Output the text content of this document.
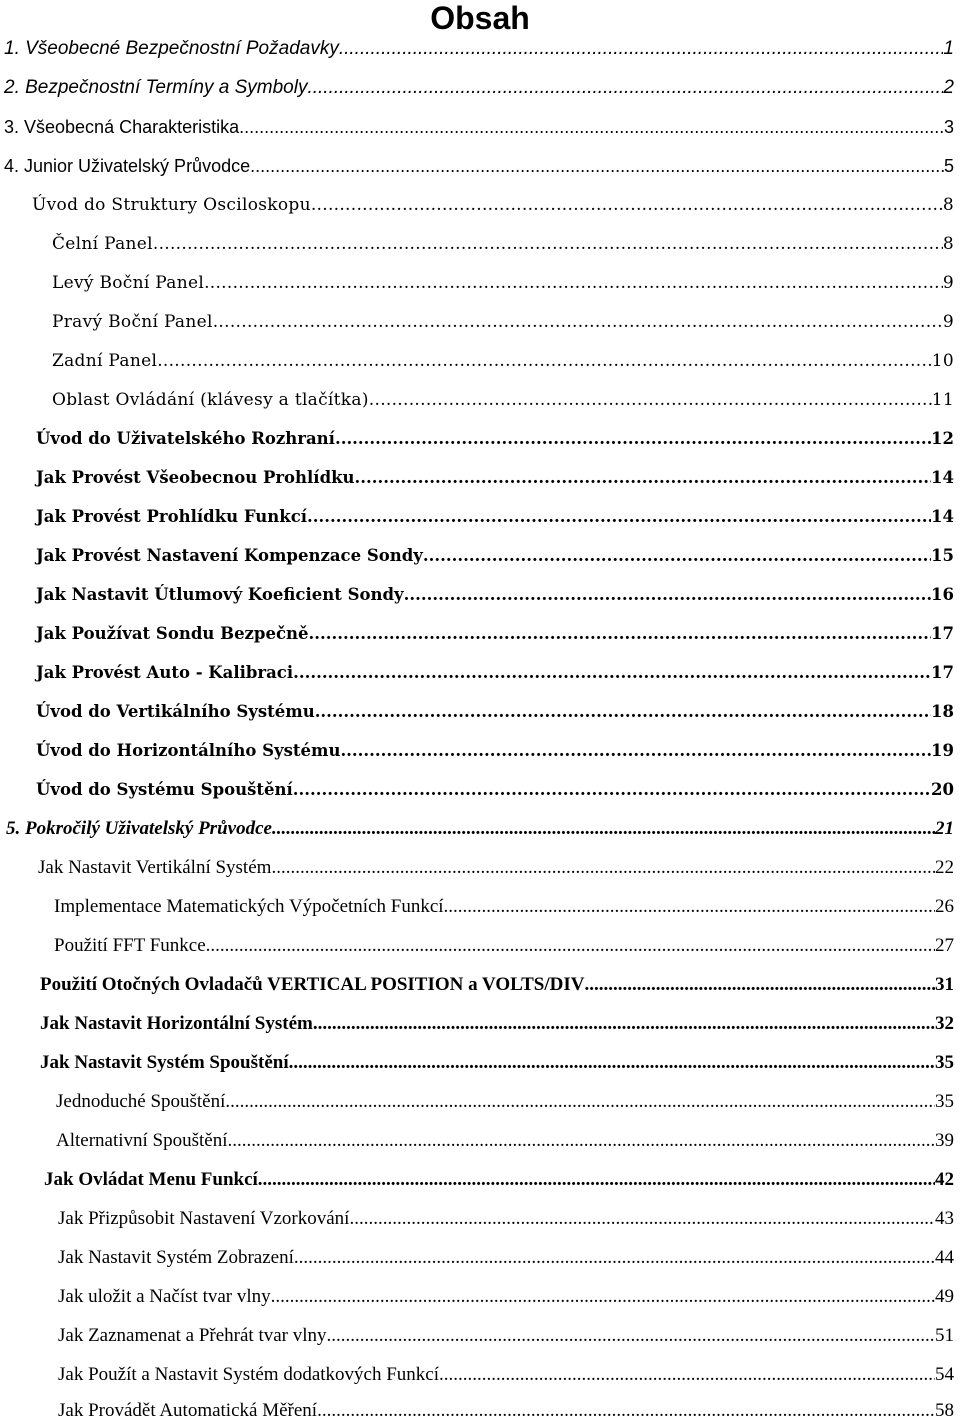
Obsah
1. Všeobecné Bezpečnostní Požadavky .....	1
2. Bezpečnostní Termíny a Symboly .....	2
3. Všeobecná Charakteristika .....	3
4. Junior Uživatelský Průvodce .....	5
Úvod do Struktury Osciloskopu .....	8
Čelní Panel .....	8
Levý Boční Panel .....	9
Pravý Boční Panel .....	9
Zadní Panel .....	10
Oblast Ovládání (klávesy a tlačítka) .....	11
Úvod do Uživatelského Rozhraní .....	12
Jak Provést Všeobecnou Prohlídku .....	14
Jak Provést Prohlídku Funkcí .....	14
Jak Provést Nastavení Kompenzace Sondy .....	15
Jak Nastavit Útlumový Koeficient Sondy .....	16
Jak Používat Sondu Bezpečně .....	17
Jak Provést Auto - Kalibraci .....	17
Úvod do Vertikálního Systému .....	18
Úvod do Horizontálního Systému .....	19
Úvod do Systému Spouštění .....	20
5. Pokročilý Uživatelský Průvodce .....	21
Jak Nastavit Vertikální Systém .....	22
Implementace Matematických Výpočetních Funkcí .....	26
Použití FFT Funkce .....	27
Použití Otočných Ovladačů VERTICAL POSITION a VOLTS/DIV .....	31
Jak Nastavit Horizontální Systém .....	32
Jak Nastavit Systém Spouštění .....	35
Jednoduché Spouštění .....	35
Alternativní Spouštění .....	39
Jak Ovládat Menu Funkcí .....	42
Jak Přizpůsobit Nastavení Vzorkování .....	43
Jak Nastavit Systém Zobrazení .....	44
Jak uložit a Načíst tvar vlny .....	49
Jak Zaznamenat a Přehrát tvar vlny .....	51
Jak Použít a Nastavit Systém dodatkových Funkcí .....	54
Jak Provádět Automatická Měření .....	58
